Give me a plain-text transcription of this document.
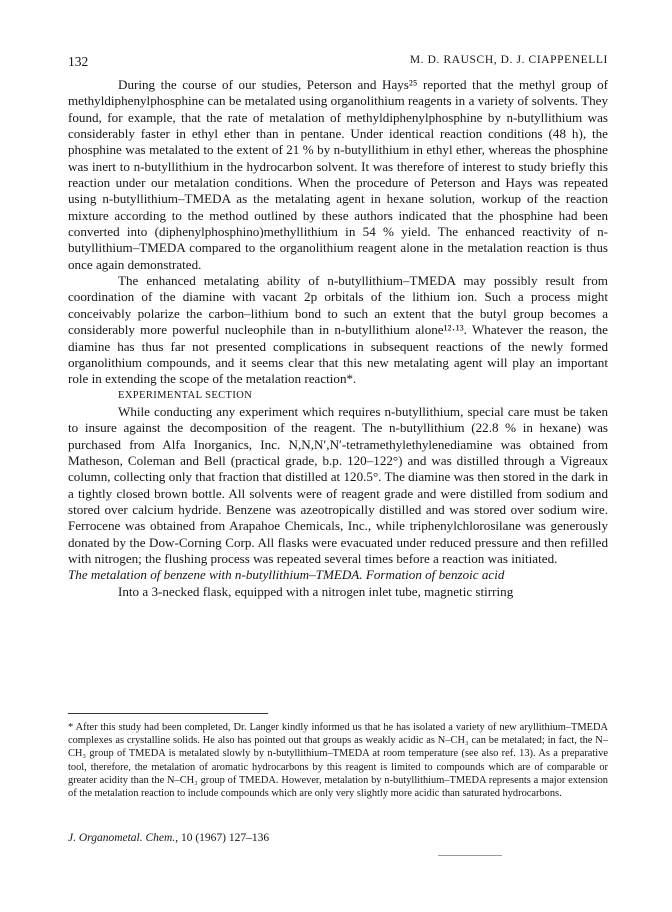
132	M. D. RAUSCH, D. J. CIAPPENELLI

During the course of our studies, Peterson and Hays²⁵ reported that the methyl group of methyldiphenylphosphine can be metalated using organolithium reagents in a variety of solvents. They found, for example, that the rate of metalation of methyldiphenylphosphine by n-butyllithium was considerably faster in ethyl ether than in pentane. Under identical reaction conditions (48 h), the phosphine was metalated to the extent of 21 % by n-butyllithium in ethyl ether, whereas the phosphine was inert to n-butyllithium in the hydrocarbon solvent. It was therefore of interest to study briefly this reaction under our metalation conditions. When the procedure of Peterson and Hays was repeated using n-butyllithium–TMEDA as the metalating agent in hexane solution, workup of the reaction mixture according to the method outlined by these authors indicated that the phosphine had been converted into (diphenylphosphino)methyllithium in 54 % yield. The enhanced reactivity of n-butyllithium–TMEDA compared to the organolithium reagent alone in the metalation reaction is thus once again demonstrated.

The enhanced metalating ability of n-butyllithium–TMEDA may possibly result from coordination of the diamine with vacant 2p orbitals of the lithium ion. Such a process might conceivably polarize the carbon–lithium bond to such an extent that the butyl group becomes a considerably more powerful nucleophile than in n-butyllithium alone¹²·¹³. Whatever the reason, the diamine has thus far not presented complications in subsequent reactions of the newly formed organolithium compounds, and it seems clear that this new metalating agent will play an important role in extending the scope of the metalation reaction*.

EXPERIMENTAL SECTION

While conducting any experiment which requires n-butyllithium, special care must be taken to insure against the decomposition of the reagent. The n-butyllithium (22.8 % in hexane) was purchased from Alfa Inorganics, Inc. N,N,N′,N′-tetramethylethylenediamine was obtained from Matheson, Coleman and Bell (practical grade, b.p. 120–122°) and was distilled through a Vigreaux column, collecting only that fraction that distilled at 120.5°. The diamine was then stored in the dark in a tightly closed brown bottle. All solvents were of reagent grade and were distilled from sodium and stored over calcium hydride. Benzene was azeotropically distilled and was stored over sodium wire. Ferrocene was obtained from Arapahoe Chemicals, Inc., while triphenylchlorosilane was generously donated by the Dow-Corning Corp. All flasks were evacuated under reduced pressure and then refilled with nitrogen; the flushing process was repeated several times before a reaction was initiated.

The metalation of benzene with n-butyllithium–TMEDA. Formation of benzoic acid

Into a 3-necked flask, equipped with a nitrogen inlet tube, magnetic stirring

* After this study had been completed, Dr. Langer kindly informed us that he has isolated a variety of new aryllithium–TMEDA complexes as crystalline solids. He also has pointed out that groups as weakly acidic as N–CH₃ can be metalated; in fact, the N–CH₃ group of TMEDA is metalated slowly by n-butyllithium–TMEDA at room temperature (see also ref. 13). As a preparative tool, therefore, the metalation of aromatic hydrocarbons by this reagent is limited to compounds which are of comparable or greater acidity than the N–CH₃ group of TMEDA. However, metalation by n-butyllithium–TMEDA represents a major extension of the metalation reaction to include compounds which are only very slightly more acidic than saturated hydrocarbons.
J. Organometal. Chem., 10 (1967) 127–136
